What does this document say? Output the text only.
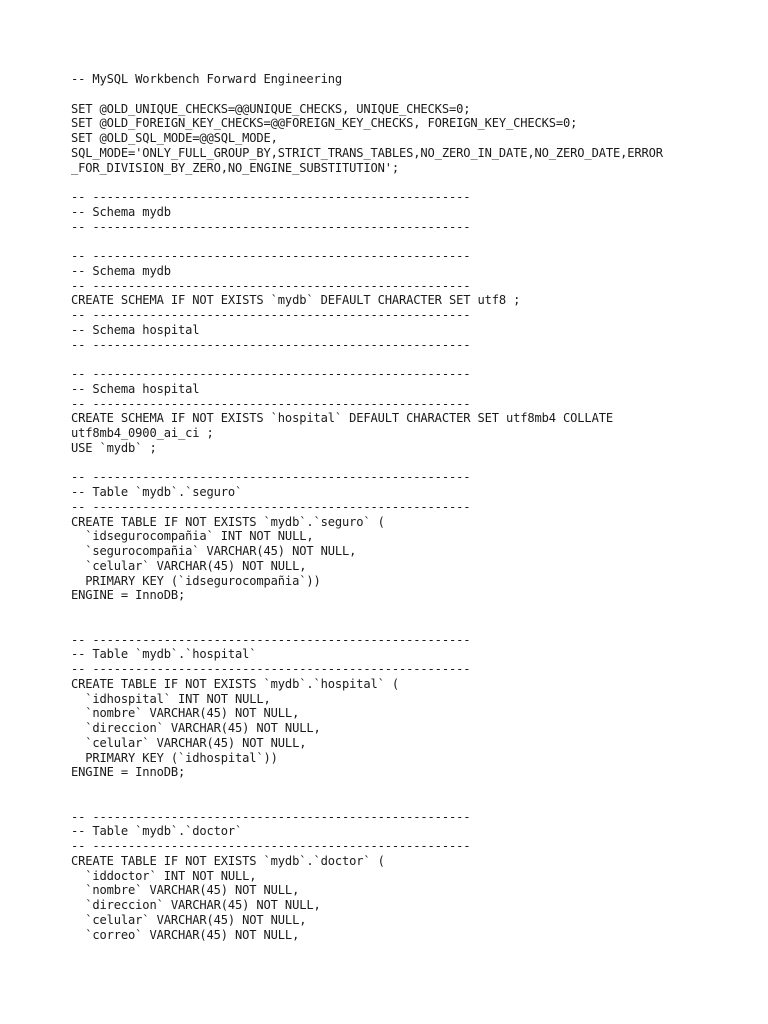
-- MySQL Workbench Forward Engineering
SET @OLD_UNIQUE_CHECKS=@@UNIQUE_CHECKS, UNIQUE_CHECKS=0;
SET @OLD_FOREIGN_KEY_CHECKS=@@FOREIGN_KEY_CHECKS, FOREIGN_KEY_CHECKS=0;
SET @OLD_SQL_MODE=@@SQL_MODE,
SQL_MODE='ONLY_FULL_GROUP_BY,STRICT_TRANS_TABLES,NO_ZERO_IN_DATE,NO_ZERO_DATE,ERROR
_FOR_DIVISION_BY_ZERO,NO_ENGINE_SUBSTITUTION';
-- -----------------------------------------------------
-- Schema mydb
-- -----------------------------------------------------
-- -----------------------------------------------------
-- Schema mydb
-- -----------------------------------------------------
CREATE SCHEMA IF NOT EXISTS `mydb` DEFAULT CHARACTER SET utf8 ;
-- -----------------------------------------------------
-- Schema hospital
-- -----------------------------------------------------
-- -----------------------------------------------------
-- Schema hospital
-- -----------------------------------------------------
CREATE SCHEMA IF NOT EXISTS `hospital` DEFAULT CHARACTER SET utf8mb4 COLLATE
utf8mb4_0900_ai_ci ;
USE `mydb` ;
-- -----------------------------------------------------
-- Table `mydb`.`seguro`
-- -----------------------------------------------------
CREATE TABLE IF NOT EXISTS `mydb`.`seguro` (
`idsegurocompañia` INT NOT NULL,
`segurocompañia` VARCHAR(45) NOT NULL,
`celular` VARCHAR(45) NOT NULL,
PRIMARY KEY (`idsegurocompañia`))
ENGINE = InnoDB;
-- -----------------------------------------------------
-- Table `mydb`.`hospital`
-- -----------------------------------------------------
CREATE TABLE IF NOT EXISTS `mydb`.`hospital` (
`idhospital` INT NOT NULL,
`nombre` VARCHAR(45) NOT NULL,
`direccion` VARCHAR(45) NOT NULL,
`celular` VARCHAR(45) NOT NULL,
PRIMARY KEY (`idhospital`))
ENGINE = InnoDB;
-- -----------------------------------------------------
-- Table `mydb`.`doctor`
-- -----------------------------------------------------
CREATE TABLE IF NOT EXISTS `mydb`.`doctor` (
`iddoctor` INT NOT NULL,
`nombre` VARCHAR(45) NOT NULL,
`direccion` VARCHAR(45) NOT NULL,
`celular` VARCHAR(45) NOT NULL,
`correo` VARCHAR(45) NOT NULL,
